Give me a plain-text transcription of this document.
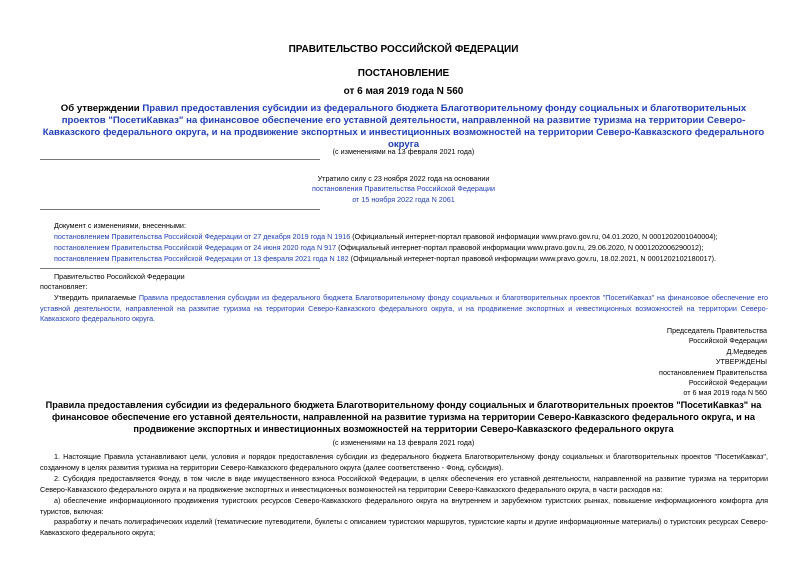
ПРАВИТЕЛЬСТВО РОССИЙСКОЙ ФЕДЕРАЦИИ
ПОСТАНОВЛЕНИЕ
от 6 мая 2019 года N 560
Об утверждении Правил предоставления субсидии из федерального бюджета Благотворительному фонду социальных и благотворительных проектов "ПосетиКавказ" на финансовое обеспечение его уставной деятельности, направленной на развитие туризма на территории Северо-Кавказского федерального округа, и на продвижение экспортных и инвестиционных возможностей на территории Северо-Кавказского федерального округа
(с изменениями на 13 февраля 2021 года)
Утратило силу с 23 ноября 2022 года на основании
постановления Правительства Российской Федерации
от 15 ноября 2022 года N 2061
Документ с изменениями, внесенными:
постановлением Правительства Российской Федерации от 27 декабря 2019 года N 1916 (Официальный интернет-портал правовой информации www.pravo.gov.ru, 04.01.2020, N 0001202001040004);
постановлением Правительства Российской Федерации от 24 июня 2020 года N 917 (Официальный интернет-портал правовой информации www.pravo.gov.ru, 29.06.2020, N 0001202006290012);
постановлением Правительства Российской Федерации от 13 февраля 2021 года N 182 (Официальный интернет-портал правовой информации www.pravo.gov.ru, 18.02.2021, N 0001202102180017).
Правительство Российской Федерации
постановляет:
Утвердить прилагаемые Правила предоставления субсидии из федерального бюджета Благотворительному фонду социальных и благотворительных проектов "ПосетиКавказ" на финансовое обеспечение его уставной деятельности, направленной на развитие туризма на территории Северо-Кавказского федерального округа, и на продвижение экспортных и инвестиционных возможностей на территории Северо-Кавказского федерального округа.
Председатель Правительства
Российской Федерации
Д.Медведев
УТВЕРЖДЕНЫ
постановлением Правительства
Российской Федерации
от 6 мая 2019 года N 560
Правила предоставления субсидии из федерального бюджета Благотворительному фонду социальных и благотворительных проектов "ПосетиКавказ" на финансовое обеспечение его уставной деятельности, направленной на развитие туризма на территории Северо-Кавказского федерального округа, и на продвижение экспортных и инвестиционных возможностей на территории Северо-Кавказского федерального округа
(с изменениями на 13 февраля 2021 года)
1. Настоящие Правила устанавливают цели, условия и порядок предоставления субсидии из федерального бюджета Благотворительному фонду социальных и благотворительных проектов "ПосетиКавказ", созданному в целях развития туризма на территории Северо-Кавказского федерального округа (далее соответственно - Фонд, субсидия).
2. Субсидия предоставляется Фонду, в том числе в виде имущественного взноса Российской Федерации, в целях обеспечения его уставной деятельности, направленной на развитие туризма на территории Северо-Кавказского федерального округа и на продвижение экспортных и инвестиционных возможностей на территории Северо-Кавказского федерального округа, в части расходов на:
а) обеспечение информационного продвижения туристских ресурсов Северо-Кавказского федерального округа на внутреннем и зарубежном туристских рынках, повышение информационного комфорта для туристов, включая:
разработку и печать полиграфических изделий (тематические путеводители, буклеты с описанием туристских маршрутов, туристские карты и другие информационные материалы) о туристских ресурсах Северо-Кавказского федерального округа;
